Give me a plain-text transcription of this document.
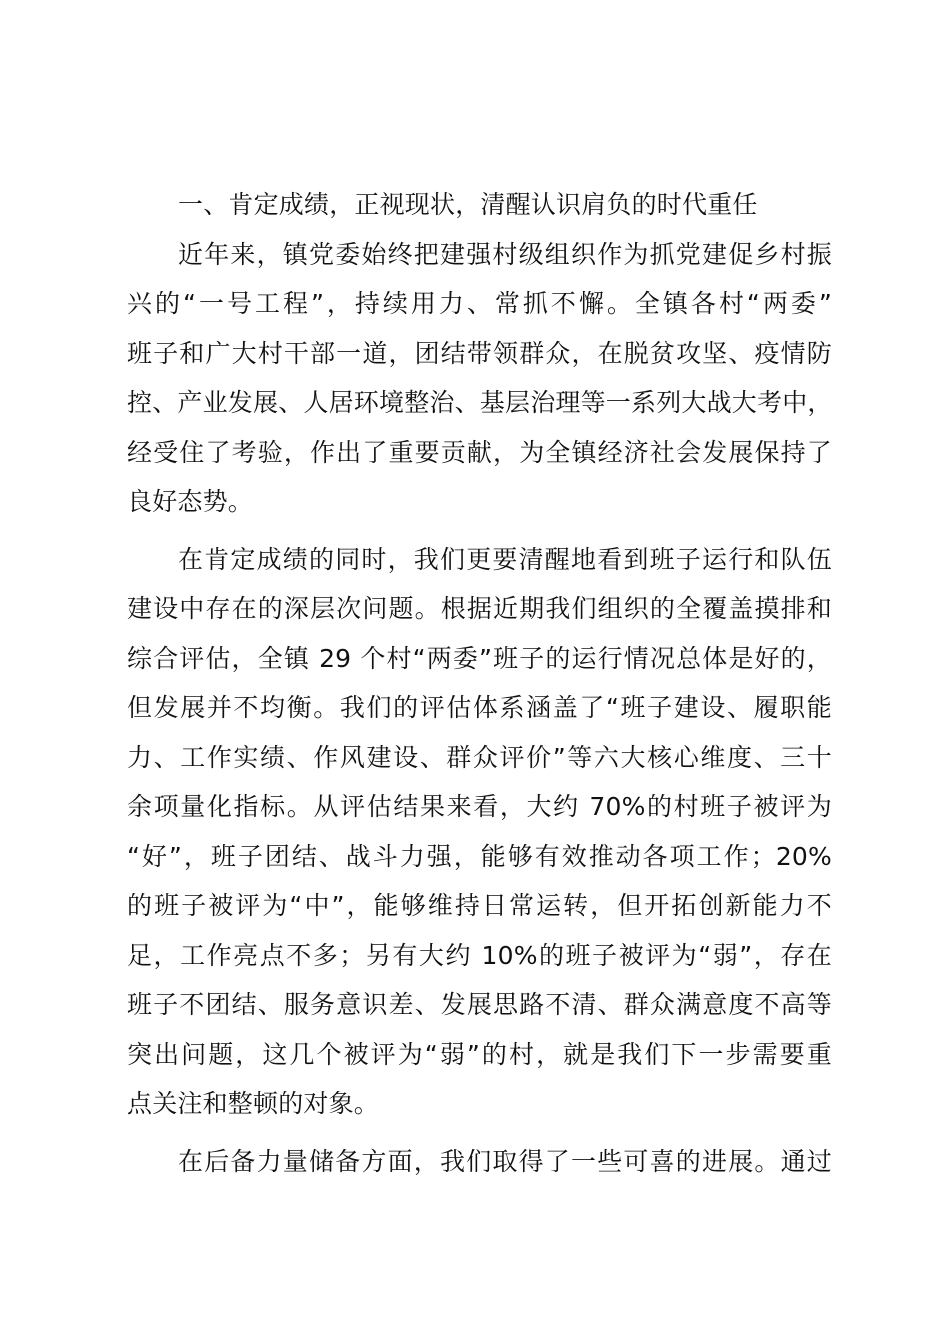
一、肯定成绩，正视现状，清醒认识肩负的时代重任
近年来，镇党委始终把建强村级组织作为抓党建促乡村振
兴的“一号工程”，持续用力、常抓不懈。全镇各村“两委”
班子和广大村干部一道，团结带领群众，在脱贫攻坚、疫情防
控、产业发展、人居环境整治、基层治理等一系列大战大考中，
经受住了考验，作出了重要贡献，为全镇经济社会发展保持了
良好态势。
在肯定成绩的同时，我们更要清醒地看到班子运行和队伍
建设中存在的深层次问题。根据近期我们组织的全覆盖摸排和
综合评估，全镇 29 个村“两委”班子的运行情况总体是好的，
但发展并不均衡。我们的评估体系涵盖了“班子建设、履职能
力、工作实绩、作风建设、群众评价”等六大核心维度、三十
余项量化指标。从评估结果来看，大约 70%的村班子被评为
“好”，班子团结、战斗力强，能够有效推动各项工作；20%
的班子被评为“中”，能够维持日常运转，但开拓创新能力不
足，工作亮点不多；另有大约 10%的班子被评为“弱”，存在
班子不团结、服务意识差、发展思路不清、群众满意度不高等
突出问题，这几个被评为“弱”的村，就是我们下一步需要重
点关注和整顿的对象。
在后备力量储备方面，我们取得了一些可喜的进展。通过
